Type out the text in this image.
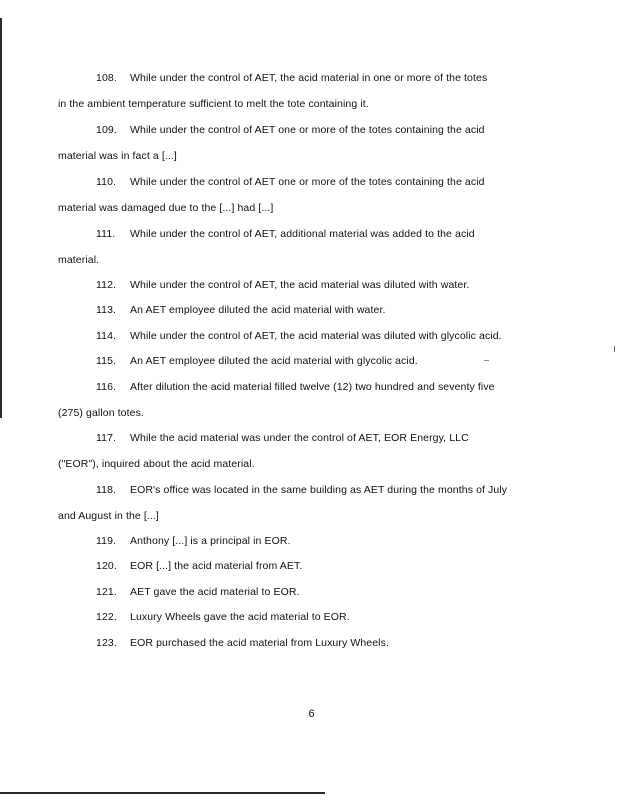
108.	While under the control of AET, the acid material in one or more of the totes
in the ambient temperature sufficient to melt the tote containing it.
109.	While under the control of AET one or more of the totes containing the acid
material was in fact a [...]
110.	While under the control of AET one or more of the totes containing the acid
material was damaged due to the [...] had [...]
111.	While under the control of AET, additional material was added to the acid
material.
112.	While under the control of AET, the acid material was diluted with water.
113.	An AET employee diluted the acid material with water.
114.	While under the control of AET, the acid material was diluted with glycolic acid.
115.	An AET employee diluted the acid material with glycolic acid.
116.	After dilution the acid material filled twelve (12) two hundred and seventy five
(275) gallon totes.
117.	While the acid material was under the control of AET, EOR Energy, LLC
("EOR"), inquired about the acid material.
118.	EOR's office was located in the same building as AET during the months of July
and August in the [...]
119.	Anthony [...] is a principal in EOR.
120.	EOR [...] the acid material from AET.
121.	AET gave the acid material to EOR.
122.	Luxury Wheels gave the acid material to EOR.
123.	EOR purchased the acid material from Luxury Wheels.
6
